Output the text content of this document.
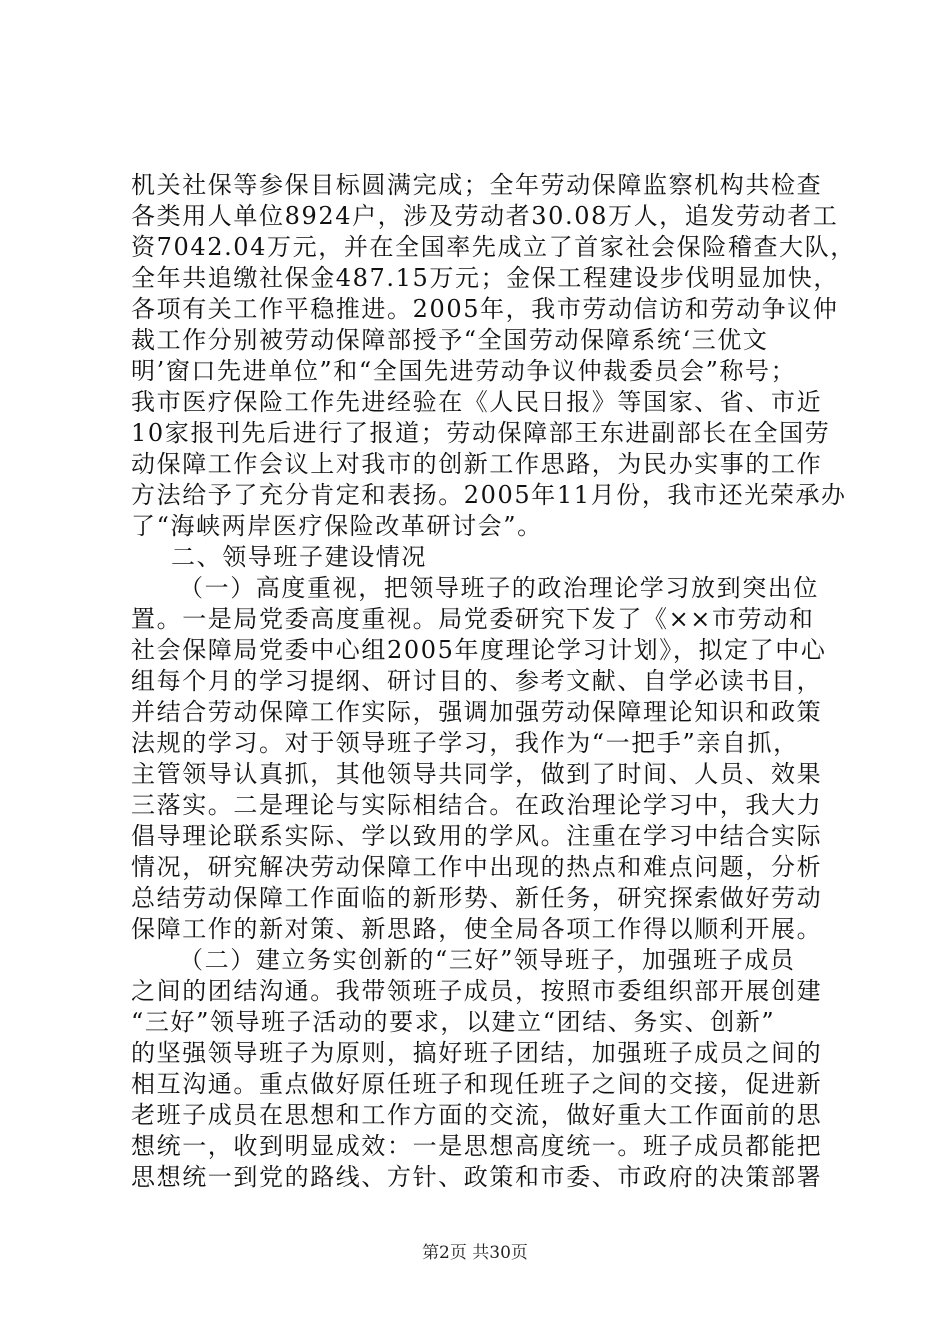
机关社保等参保目标圆满完成；全年劳动保障监察机构共检查
各类用人单位8924户，涉及劳动者30.08万人，追发劳动者工
资7042.04万元，并在全国率先成立了首家社会保险稽查大队，
全年共追缴社保金487.15万元；金保工程建设步伐明显加快，
各项有关工作平稳推进。2005年，我市劳动信访和劳动争议仲
裁工作分别被劳动保障部授予“全国劳动保障系统‘三优文
明’窗口先进单位”和“全国先进劳动争议仲裁委员会”称号；
我市医疗保险工作先进经验在《人民日报》等国家、省、市近
10家报刊先后进行了报道；劳动保障部王东进副部长在全国劳
动保障工作会议上对我市的创新工作思路，为民办实事的工作
方法给予了充分肯定和表扬。2005年11月份，我市还光荣承办
了“海峡两岸医疗保险改革研讨会”。
二、领导班子建设情况
（一）高度重视，把领导班子的政治理论学习放到突出位
置。一是局党委高度重视。局党委研究下发了《××市劳动和
社会保障局党委中心组2005年度理论学习计划》，拟定了中心
组每个月的学习提纲、研讨目的、参考文献、自学必读书目，
并结合劳动保障工作实际，强调加强劳动保障理论知识和政策
法规的学习。对于领导班子学习，我作为“一把手”亲自抓，
主管领导认真抓，其他领导共同学，做到了时间、人员、效果
三落实。二是理论与实际相结合。在政治理论学习中，我大力
倡导理论联系实际、学以致用的学风。注重在学习中结合实际
情况，研究解决劳动保障工作中出现的热点和难点问题，分析
总结劳动保障工作面临的新形势、新任务，研究探索做好劳动
保障工作的新对策、新思路，使全局各项工作得以顺利开展。
（二）建立务实创新的“三好”领导班子，加强班子成员
之间的团结沟通。我带领班子成员，按照市委组织部开展创建
“三好”领导班子活动的要求，以建立“团结、务实、创新”
的坚强领导班子为原则，搞好班子团结，加强班子成员之间的
相互沟通。重点做好原任班子和现任班子之间的交接，促进新
老班子成员在思想和工作方面的交流，做好重大工作面前的思
想统一，收到明显成效：一是思想高度统一。班子成员都能把
思想统一到党的路线、方针、政策和市委、市政府的决策部署
第2页 共30页
